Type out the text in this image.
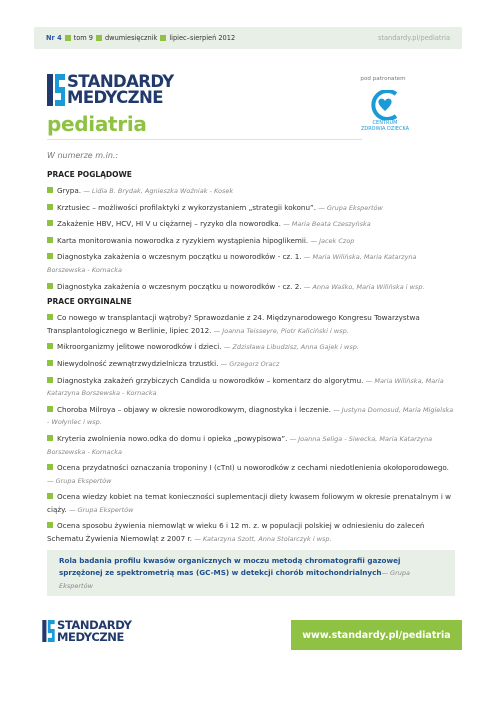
Nr 4 tom 9 dwumiesięcznik lipiec–sierpień 2012	standardy.pl/pediatria
STANDARDY
MEDYCZNE
pediatria
pod patronatem
CENTRUM
ZDROWIA DZIECKA
W numerze m.in.:
PRACE POGLĄDOWE
Grypa. — Lidia B. Brydak, Agnieszka Woźniak - Kosek
Krztusiec – możliwości profilaktyki z wykorzystaniem „strategii kokonu”. — Grupa Ekspertów
Zakażenie HBV, HCV, HI V u ciężarnej – ryzyko dla noworodka. — Maria Beata Czeszyńska
Karta monitorowania noworodka z ryzykiem wystąpienia hipoglikemii. — Jacek Czop
Diagnostyka zakażenia o wczesnym początku u noworodków - cz. 1. — Maria Wilińska, Maria Katarzyna Borszewska - Kornacka
Diagnostyka zakażenia o wczesnym początku u noworodków - cz. 2. — Anna Waśko, Maria Wilińska i wsp.
PRACE ORYGINALNE
Co nowego w transplantacji wątroby? Sprawozdanie z 24. Międzynarodowego Kongresu Towarzystwa Transplantologicznego w Berlinie, lipiec 2012. — Joanna Teisseyre, Piotr Kaliciński i wsp.
Mikroorganizmy jelitowe noworodków i dzieci. — Zdzisława Libudzisz, Anna Gajek i wsp.
Niewydolność zewnątrzwydzielnicza trzustki. — Grzegorz Oracz
Diagnostyka zakażeń grzybiczych Candida u noworodków – komentarz do algorytmu. — Maria Wilińska, Maria Katarzyna Borszewska - Kornacka
Choroba Milroya – objawy w okresie noworodkowym, diagnostyka i leczenie. — Justyna Domosud, Maria Migielska - Wołynlec i wsp.
Kryteria zwolnienia nowo.odka do domu i opieka „powypisowa”. — Joanna Seliga - Siwecka, Maria Katarzyna Borszewska - Kornacka
Ocena przydatności oznaczania troponiny I (cTnI) u noworodków z cechami niedotlenienia okołoporodowego. — Grupa Ekspertów
Ocena wiedzy kobiet na temat konieczności suplementacji diety kwasem foliowym w okresie prenatalnym i w ciąży. — Grupa Ekspertów
Ocena sposobu żywienia niemowląt w wieku 6 i 12 m. z. w populacji polskiej w odniesieniu do zaleceń Schematu Żywienia Niemowląt z 2007 r. — Katarzyna Szott, Anna Stolarczyk i wsp.
Rola badania profilu kwasów organicznych w moczu metodą chromatografii gazowej sprzężonej ze spektrometrią mas (GC-MS) w detekcji chorób mitochondrialnych— Grupa Ekspertów
STANDARDY
MEDYCZNE	www.standardy.pl/pediatria
